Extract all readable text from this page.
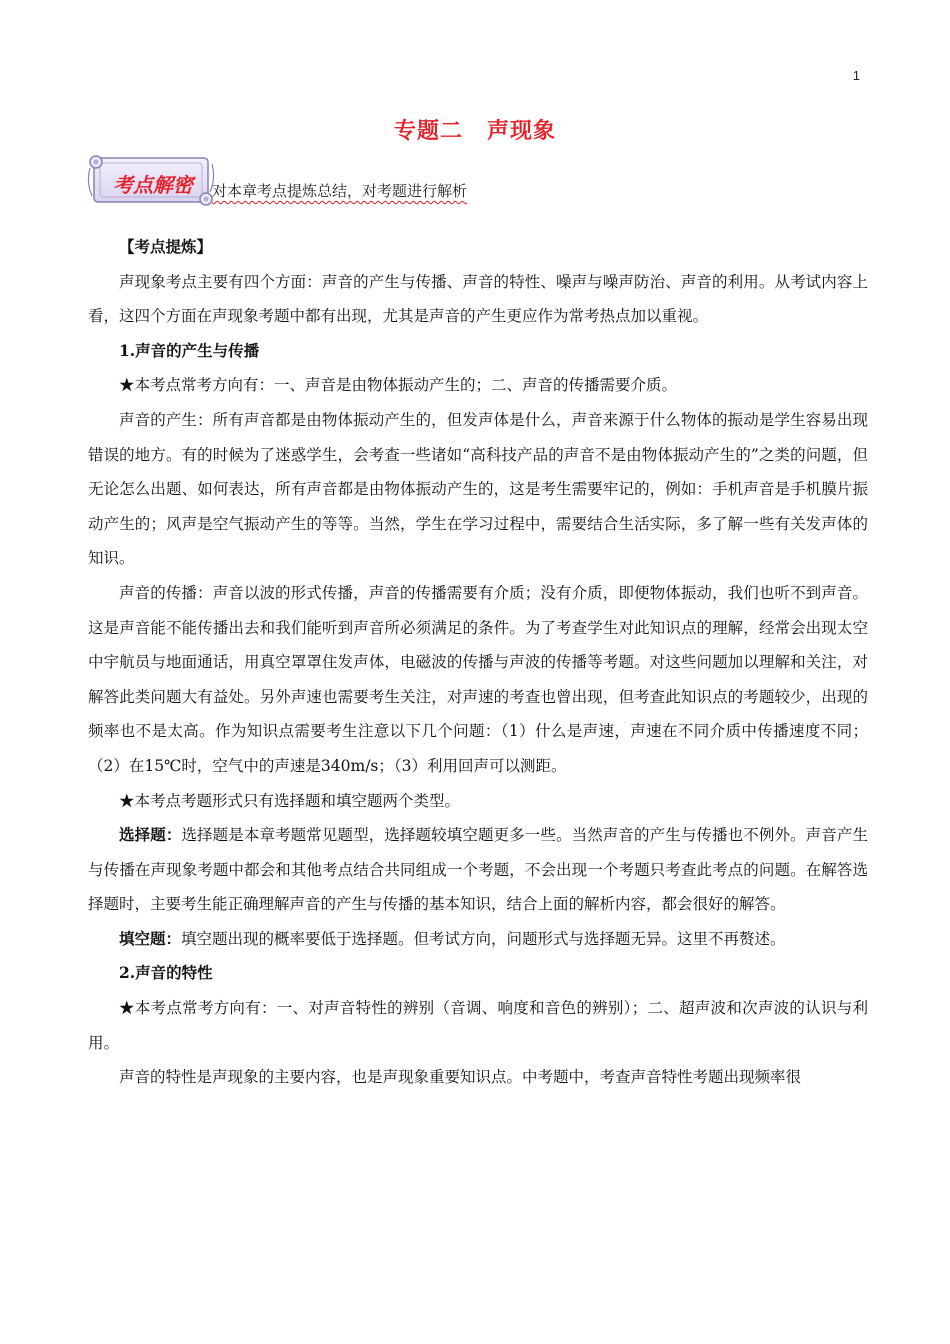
1
专题二 声现象
考点解密	对本章考点提炼总结，对考题进行解析

【考点提炼】

声现象考点主要有四个方面：声音的产生与传播、声音的特性、噪声与噪声防治、声音的利用。从考试内容上看，这四个方面在声现象考题中都有出现，尤其是声音的产生更应作为常考热点加以重视。

1.声音的产生与传播

★本考点常考方向有：一、声音是由物体振动产生的；二、声音的传播需要介质。

声音的产生：所有声音都是由物体振动产生的，但发声体是什么，声音来源于什么物体的振动是学生容易出现错误的地方。有的时候为了迷惑学生，会考查一些诸如“高科技产品的声音不是由物体振动产生的”之类的问题，但无论怎么出题、如何表达，所有声音都是由物体振动产生的，这是考生需要牢记的，例如：手机声音是手机膜片振动产生的；风声是空气振动产生的等等。当然，学生在学习过程中，需要结合生活实际，多了解一些有关发声体的知识。

声音的传播：声音以波的形式传播，声音的传播需要有介质；没有介质，即便物体振动，我们也听不到声音。这是声音能不能传播出去和我们能听到声音所必须满足的条件。为了考查学生对此知识点的理解，经常会出现太空中宇航员与地面通话，用真空罩罩住发声体，电磁波的传播与声波的传播等考题。对这些问题加以理解和关注，对解答此类问题大有益处。另外声速也需要考生关注，对声速的考查也曾出现，但考查此知识点的考题较少，出现的频率也不是太高。作为知识点需要考生注意以下几个问题：（1）什么是声速，声速在不同介质中传播速度不同；（2）在15℃时，空气中的声速是340m/s；（3）利用回声可以测距。

★本考点考题形式只有选择题和填空题两个类型。

选择题：选择题是本章考题常见题型，选择题较填空题更多一些。当然声音的产生与传播也不例外。声音产生与传播在声现象考题中都会和其他考点结合共同组成一个考题，不会出现一个考题只考查此考点的问题。在解答选择题时，主要考生能正确理解声音的产生与传播的基本知识，结合上面的解析内容，都会很好的解答。

填空题：填空题出现的概率要低于选择题。但考试方向，问题形式与选择题无异。这里不再赘述。

2.声音的特性

★本考点常考方向有：一、对声音特性的辨别（音调、响度和音色的辨别）；二、超声波和次声波的认识与利用。

声音的特性是声现象的主要内容，也是声现象重要知识点。中考题中，考查声音特性考题出现频率很
